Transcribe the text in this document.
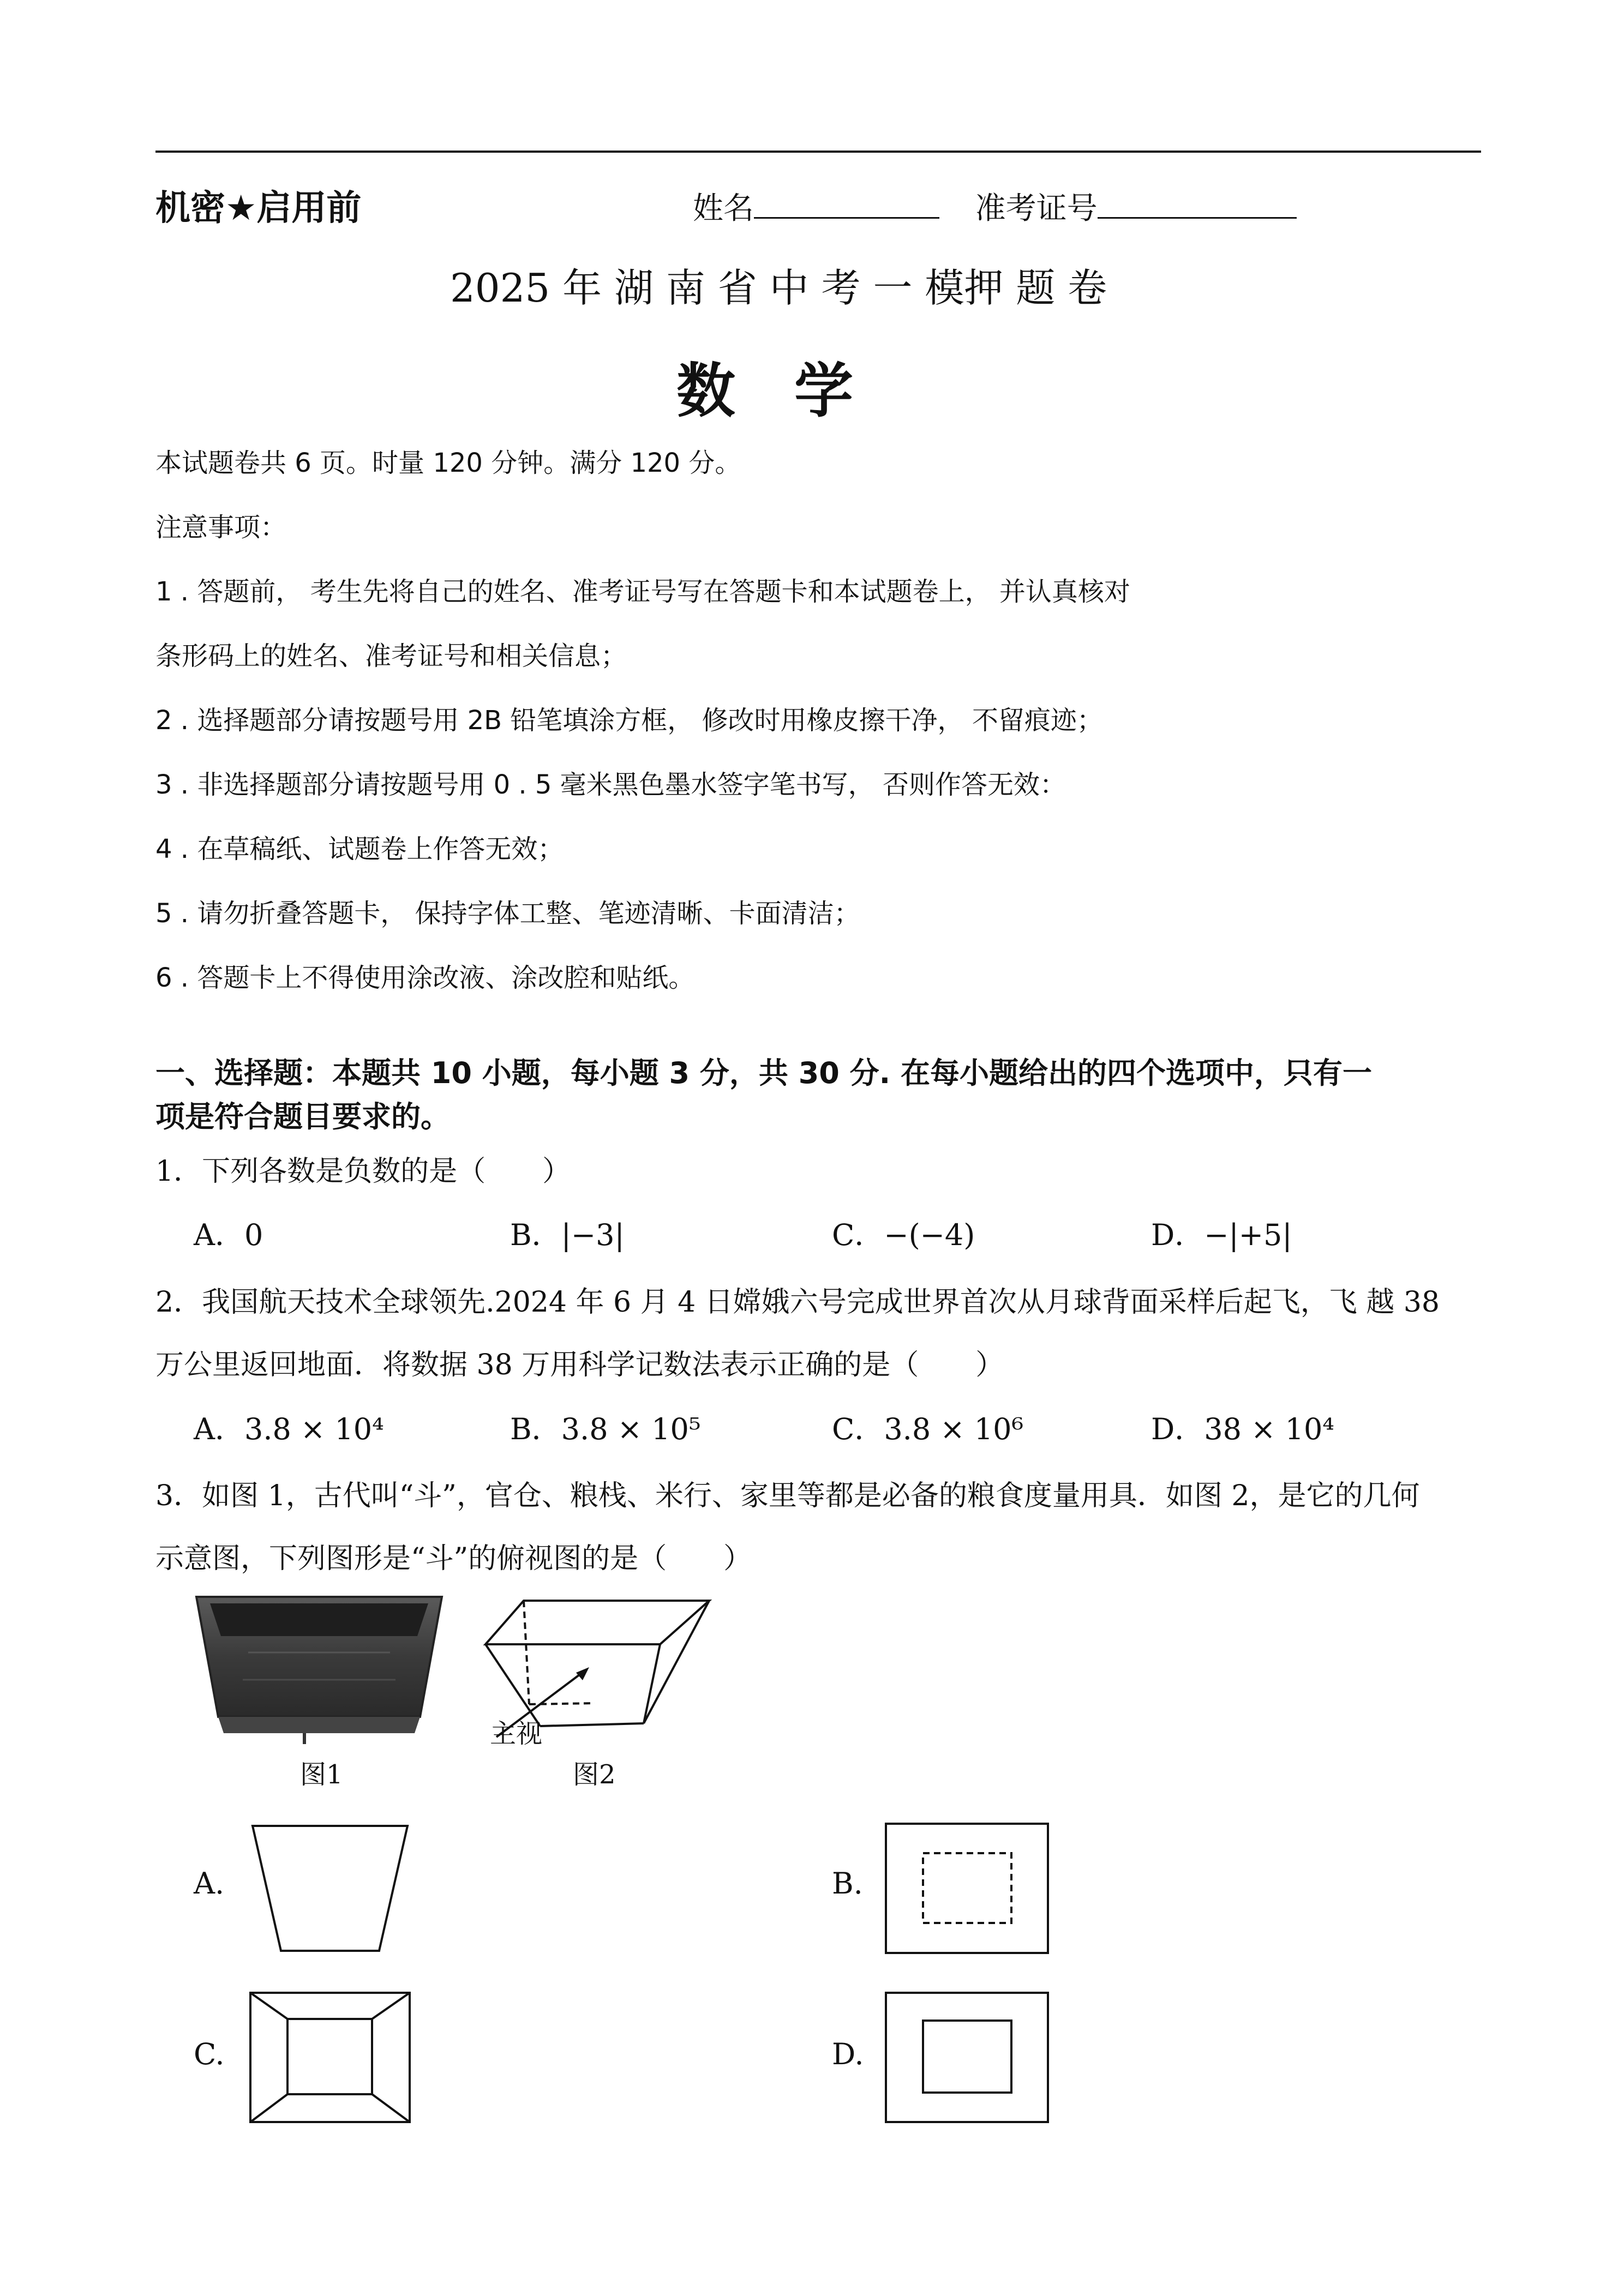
机密★启用前	姓名	准考证号
2025 年 湖 南 省 中 考 一 模押 题 卷
数　学
本试题卷共 6 页。时量 120 分钟。满分 120 分。
注意事项：
1 . 答题前， 考生先将自己的姓名、准考证号写在答题卡和本试题卷上， 并认真核对
条形码上的姓名、准考证号和相关信息；
2 . 选择题部分请按题号用 2B 铅笔填涂方框， 修改时用橡皮擦干净， 不留痕迹；
3 . 非选择题部分请按题号用 0 . 5 毫米黑色墨水签字笔书写， 否则作答无效：
4 . 在草稿纸、试题卷上作答无效；
5 . 请勿折叠答题卡， 保持字体工整、笔迹清晰、卡面清洁；
6 . 答题卡上不得使用涂改液、涂改腔和贴纸。
一、选择题：本题共 10 小题，每小题 3 分，共 30 分. 在每小题给出的四个选项中，只有一
项是符合题目要求的。
1．下列各数是负数的是（　　）
A．0	B．|−3|	C．−(−4)	D．−|+5|
2．我国航天技术全球领先.2024 年 6 月 4 日嫦娥六号完成世界首次从月球背面采样后起飞，飞 越 38
万公里返回地面．将数据 38 万用科学记数法表示正确的是（　　）
A．3.8 × 10⁴	B．3.8 × 10⁵	C．3.8 × 10⁶	D．38 × 10⁴
3．如图 1，古代叫“斗”，官仓、粮栈、米行、家里等都是必备的粮食度量用具．如图 2，是它的几何
示意图，下列图形是“斗”的俯视图的是（　　）
图1
主视
图2
A.	B.
C.	D.
